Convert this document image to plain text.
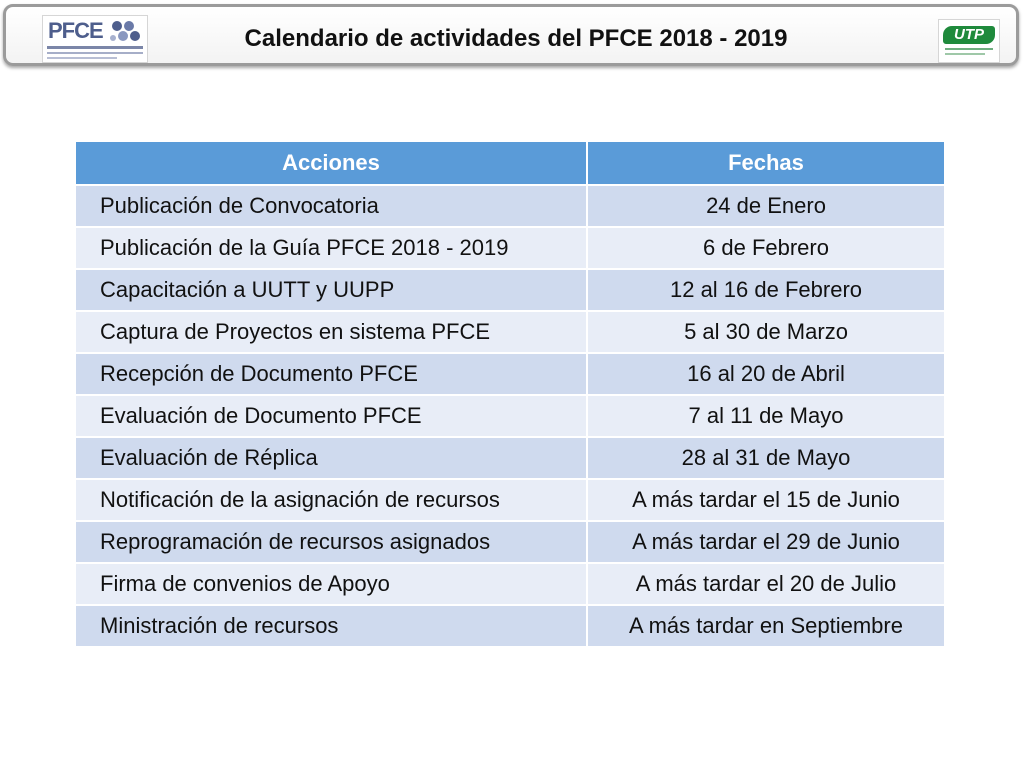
PFCE	Calendario de actividades del PFCE 2018 - 2019	UTP
Acciones	Fechas
Publicación de Convocatoria	24 de Enero
Publicación de la Guía PFCE 2018 - 2019	6 de Febrero
Capacitación a UUTT y UUPP	12 al 16 de Febrero
Captura de Proyectos en sistema PFCE	5 al 30 de Marzo
Recepción de Documento PFCE	16 al 20 de Abril
Evaluación de Documento PFCE	7 al 11 de Mayo
Evaluación de Réplica	28 al 31 de Mayo
Notificación de la asignación de recursos	A más tardar el 15 de Junio
Reprogramación de recursos asignados	A más tardar el 29 de Junio
Firma de convenios de Apoyo	A más tardar el 20 de Julio
Ministración de recursos	A más tardar en Septiembre
